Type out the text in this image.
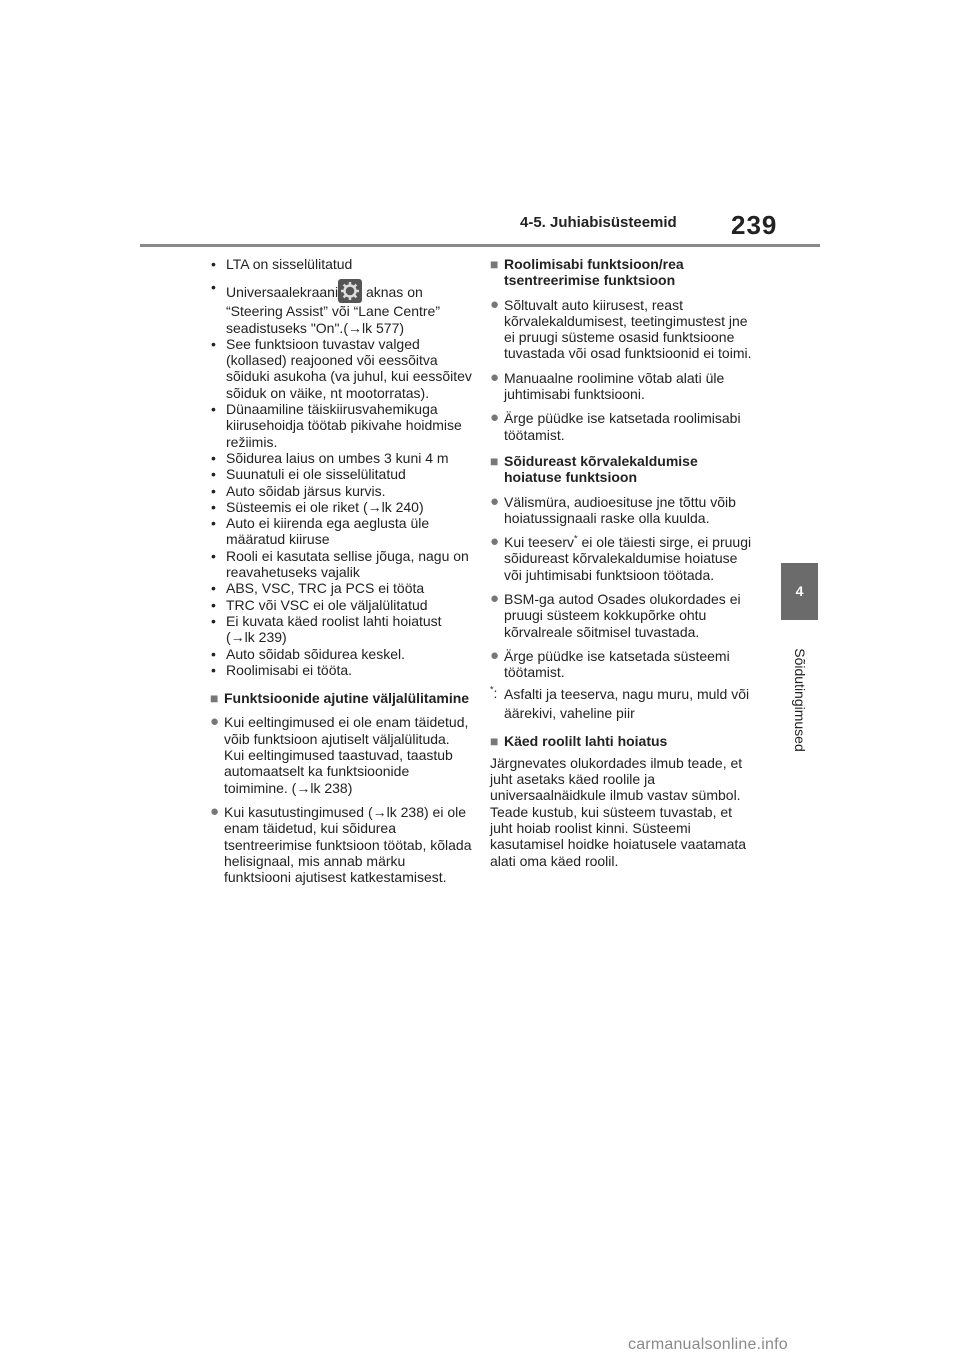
4-5. Juhiabisüsteemid 239
4
Sõidutingimused
• LTA on sisselülitatud
• Universaalekraani aknas on
“Steering Assist” või “Lane Centre” seadistuseks "On".(→lk 577)
• See funktsioon tuvastav valged (kollased) reajooned või eessõitva sõiduki asukoha (va juhul, kui eessõitev sõiduk on väike, nt mootorratas).
• Dünaamiline täiskiirusvahemikuga kiirusehoidja töötab pikivahe hoidmise režiimis.
• Sõidurea laius on umbes 3 kuni 4 m
• Suunatuli ei ole sisselülitatud
• Auto sõidab järsus kurvis.
• Süsteemis ei ole riket (→lk 240)
• Auto ei kiirenda ega aeglusta üle määratud kiiruse
• Rooli ei kasutata sellise jõuga, nagu on reavahetuseks vajalik
• ABS, VSC, TRC ja PCS ei tööta
• TRC või VSC ei ole väljalülitatud
• Ei kuvata käed roolist lahti hoiatust (→lk 239)
• Auto sõidab sõidurea keskel.
• Roolimisabi ei tööta.
■ Funktsioonide ajutine väljalülitamine
● Kui eeltingimused ei ole enam täidetud, võib funktsioon ajutiselt väljalülituda. Kui eeltingimused taastuvad, taastub automaatselt ka funktsioonide toimimine. (→lk 238)
● Kui kasutustingimused (→lk 238) ei ole enam täidetud, kui sõidurea tsentreerimise funktsioon töötab, kõlada helisignaal, mis annab märku funktsiooni ajutisest katkestamisest.
■ Roolimisabi funktsioon/rea tsentreerimise funktsioon
● Sõltuvalt auto kiirusest, reast kõrvalekaldumisest, teetingimustest jne ei pruugi süsteme osasid funktsioone tuvastada või osad funktsioonid ei toimi.
● Manuaalne roolimine võtab alati üle juhtimisabi funktsiooni.
● Ärge püüdke ise katsetada roolimisabi töötamist.
■ Sõidureast kõrvalekaldumise hoiatuse funktsioon
● Välismüra, audioesituse jne tõttu võib hoiatussignaali raske olla kuulda.
● Kui teeserv* ei ole täiesti sirge, ei pruugi sõidureast kõrvalekaldumise hoiatuse või juhtimisabi funktsioon töötada.
● BSM-ga autod Osades olukordades ei pruugi süsteem kokkupõrke ohtu kõrvalreale sõitmisel tuvastada.
● Ärge püüdke ise katsetada süsteemi töötamist.
*: Asfalti ja teeserva, nagu muru, muld või äärekivi, vaheline piir
■ Käed roolilt lahti hoiatus
Järgnevates olukordades ilmub teade, et juht asetaks käed roolile ja universaalnäidkule ilmub vastav sümbol. Teade kustub, kui süsteem tuvastab, et juht hoiab roolist kinni. Süsteemi kasutamisel hoidke hoiatusele vaatamata alati oma käed roolil.
carmanualsonline.info
